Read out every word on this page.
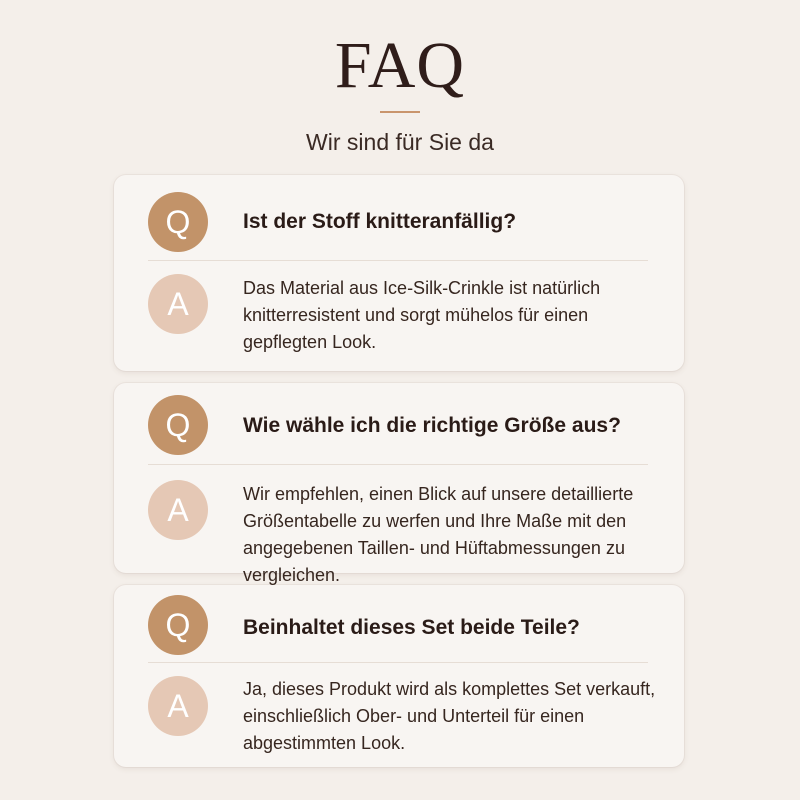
FAQ
Wir sind für Sie da
Q	Ist der Stoff knitteranfällig?
A	Das Material aus Ice-Silk-Crinkle ist natürlich knitterresistent und sorgt mühelos für einen gepflegten Look.
Q	Wie wähle ich die richtige Größe aus?
A	Wir empfehlen, einen Blick auf unsere detaillierte Größentabelle zu werfen und Ihre Maße mit den angegebenen Taillen- und Hüftabmessungen zu vergleichen.
Q	Beinhaltet dieses Set beide Teile?
A	Ja, dieses Produkt wird als komplettes Set verkauft, einschließlich Ober- und Unterteil für einen abgestimmten Look.
